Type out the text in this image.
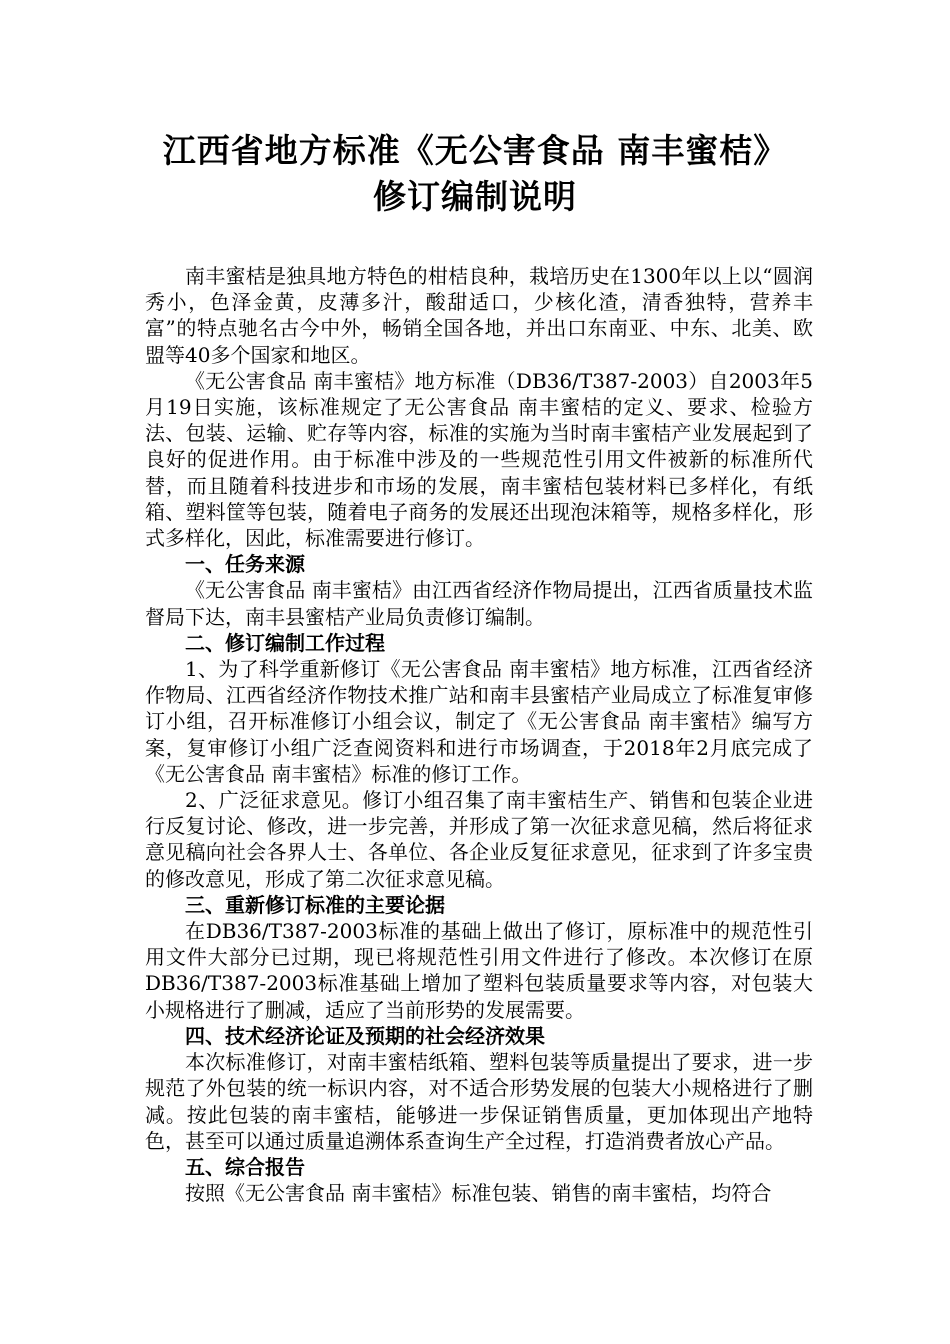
江西省地方标准《无公害食品 南丰蜜桔》
修订编制说明

南丰蜜桔是独具地方特色的柑桔良种，栽培历史在1300年以上以“圆润秀小，色泽金黄，皮薄多汁，酸甜适口，少核化渣，清香独特，营养丰富”的特点驰名古今中外，畅销全国各地，并出口东南亚、中东、北美、欧盟等40多个国家和地区。

《无公害食品 南丰蜜桔》地方标准（DB36/T387-2003）自2003年5月19日实施，该标准规定了无公害食品 南丰蜜桔的定义、要求、检验方法、包装、运输、贮存等内容，标准的实施为当时南丰蜜桔产业发展起到了良好的促进作用。由于标准中涉及的一些规范性引用文件被新的标准所代替，而且随着科技进步和市场的发展，南丰蜜桔包装材料已多样化，有纸箱、塑料筐等包装，随着电子商务的发展还出现泡沫箱等，规格多样化，形式多样化，因此，标准需要进行修订。

一、任务来源

《无公害食品 南丰蜜桔》由江西省经济作物局提出，江西省质量技术监督局下达，南丰县蜜桔产业局负责修订编制。

二、修订编制工作过程

1、为了科学重新修订《无公害食品 南丰蜜桔》地方标准，江西省经济作物局、江西省经济作物技术推广站和南丰县蜜桔产业局成立了标准复审修订小组，召开标准修订小组会议，制定了《无公害食品 南丰蜜桔》编写方案，复审修订小组广泛查阅资料和进行市场调查，于2018年2月底完成了《无公害食品 南丰蜜桔》标准的修订工作。

2、广泛征求意见。修订小组召集了南丰蜜桔生产、销售和包装企业进行反复讨论、修改，进一步完善，并形成了第一次征求意见稿，然后将征求意见稿向社会各界人士、各单位、各企业反复征求意见，征求到了许多宝贵的修改意见，形成了第二次征求意见稿。

三、重新修订标准的主要论据

在DB36/T387-2003标准的基础上做出了修订，原标准中的规范性引用文件大部分已过期，现已将规范性引用文件进行了修改。本次修订在原DB36/T387-2003标准基础上增加了塑料包装质量要求等内容，对包装大小规格进行了删减，适应了当前形势的发展需要。

四、技术经济论证及预期的社会经济效果

本次标准修订，对南丰蜜桔纸箱、塑料包装等质量提出了要求，进一步规范了外包装的统一标识内容，对不适合形势发展的包装大小规格进行了删减。按此包装的南丰蜜桔，能够进一步保证销售质量，更加体现出产地特色，甚至可以通过质量追溯体系查询生产全过程，打造消费者放心产品。

五、综合报告

按照《无公害食品 南丰蜜桔》标准包装、销售的南丰蜜桔，均符合
